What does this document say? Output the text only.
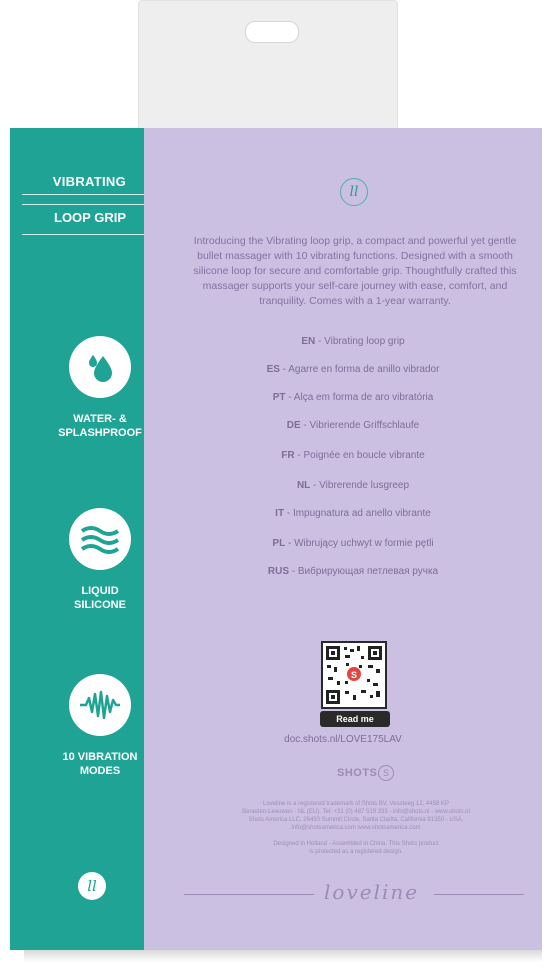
VIBRATING
LOOP GRIP
WATER- &
SPLASHPROOF
LIQUID
SILICONE
10 VIBRATION
MODES
ll
ll
Introducing the Vibrating loop grip, a compact and powerful yet gentle bullet massager with 10 vibrating functions. Designed with a smooth silicone loop for secure and comfortable grip. Thoughtfully crafted this massager supports your self-care journey with ease, comfort, and tranquility. Comes with a 1-year warranty.
EN - Vibrating loop grip
ES - Agarre en forma de anillo vibrador
PT - Alça em forma de aro vibratória
DE - Vibrierende Griffschlaufe
FR - Poignée en boucle vibrante
NL - Vibrerende lusgreep
IT - Impugnatura ad anello vibrante
PL - Wibrujący uchwyt w formie pętli
RUS - Вибрирующая петлевая ручка
S
Read me
doc.shots.nl/LOVE175LAV
SHOTS S
Loveline is a registered trademark of Shots BV, Vessteeg 12, 4458 KP
Beneden-Leeuwen - NL (EU). Tel: +31 (0) 487 519 333 - info@shots.nl - www.shots.nl
Shots America LLC. 26450 Summit Circle, Santa Clarita, California 91350 - USA,
info@shotsamerica.com www.shotsamerica.com
Designed in Holland - Assembled in China. This Shots product
is protected as a registered design.
loveline
